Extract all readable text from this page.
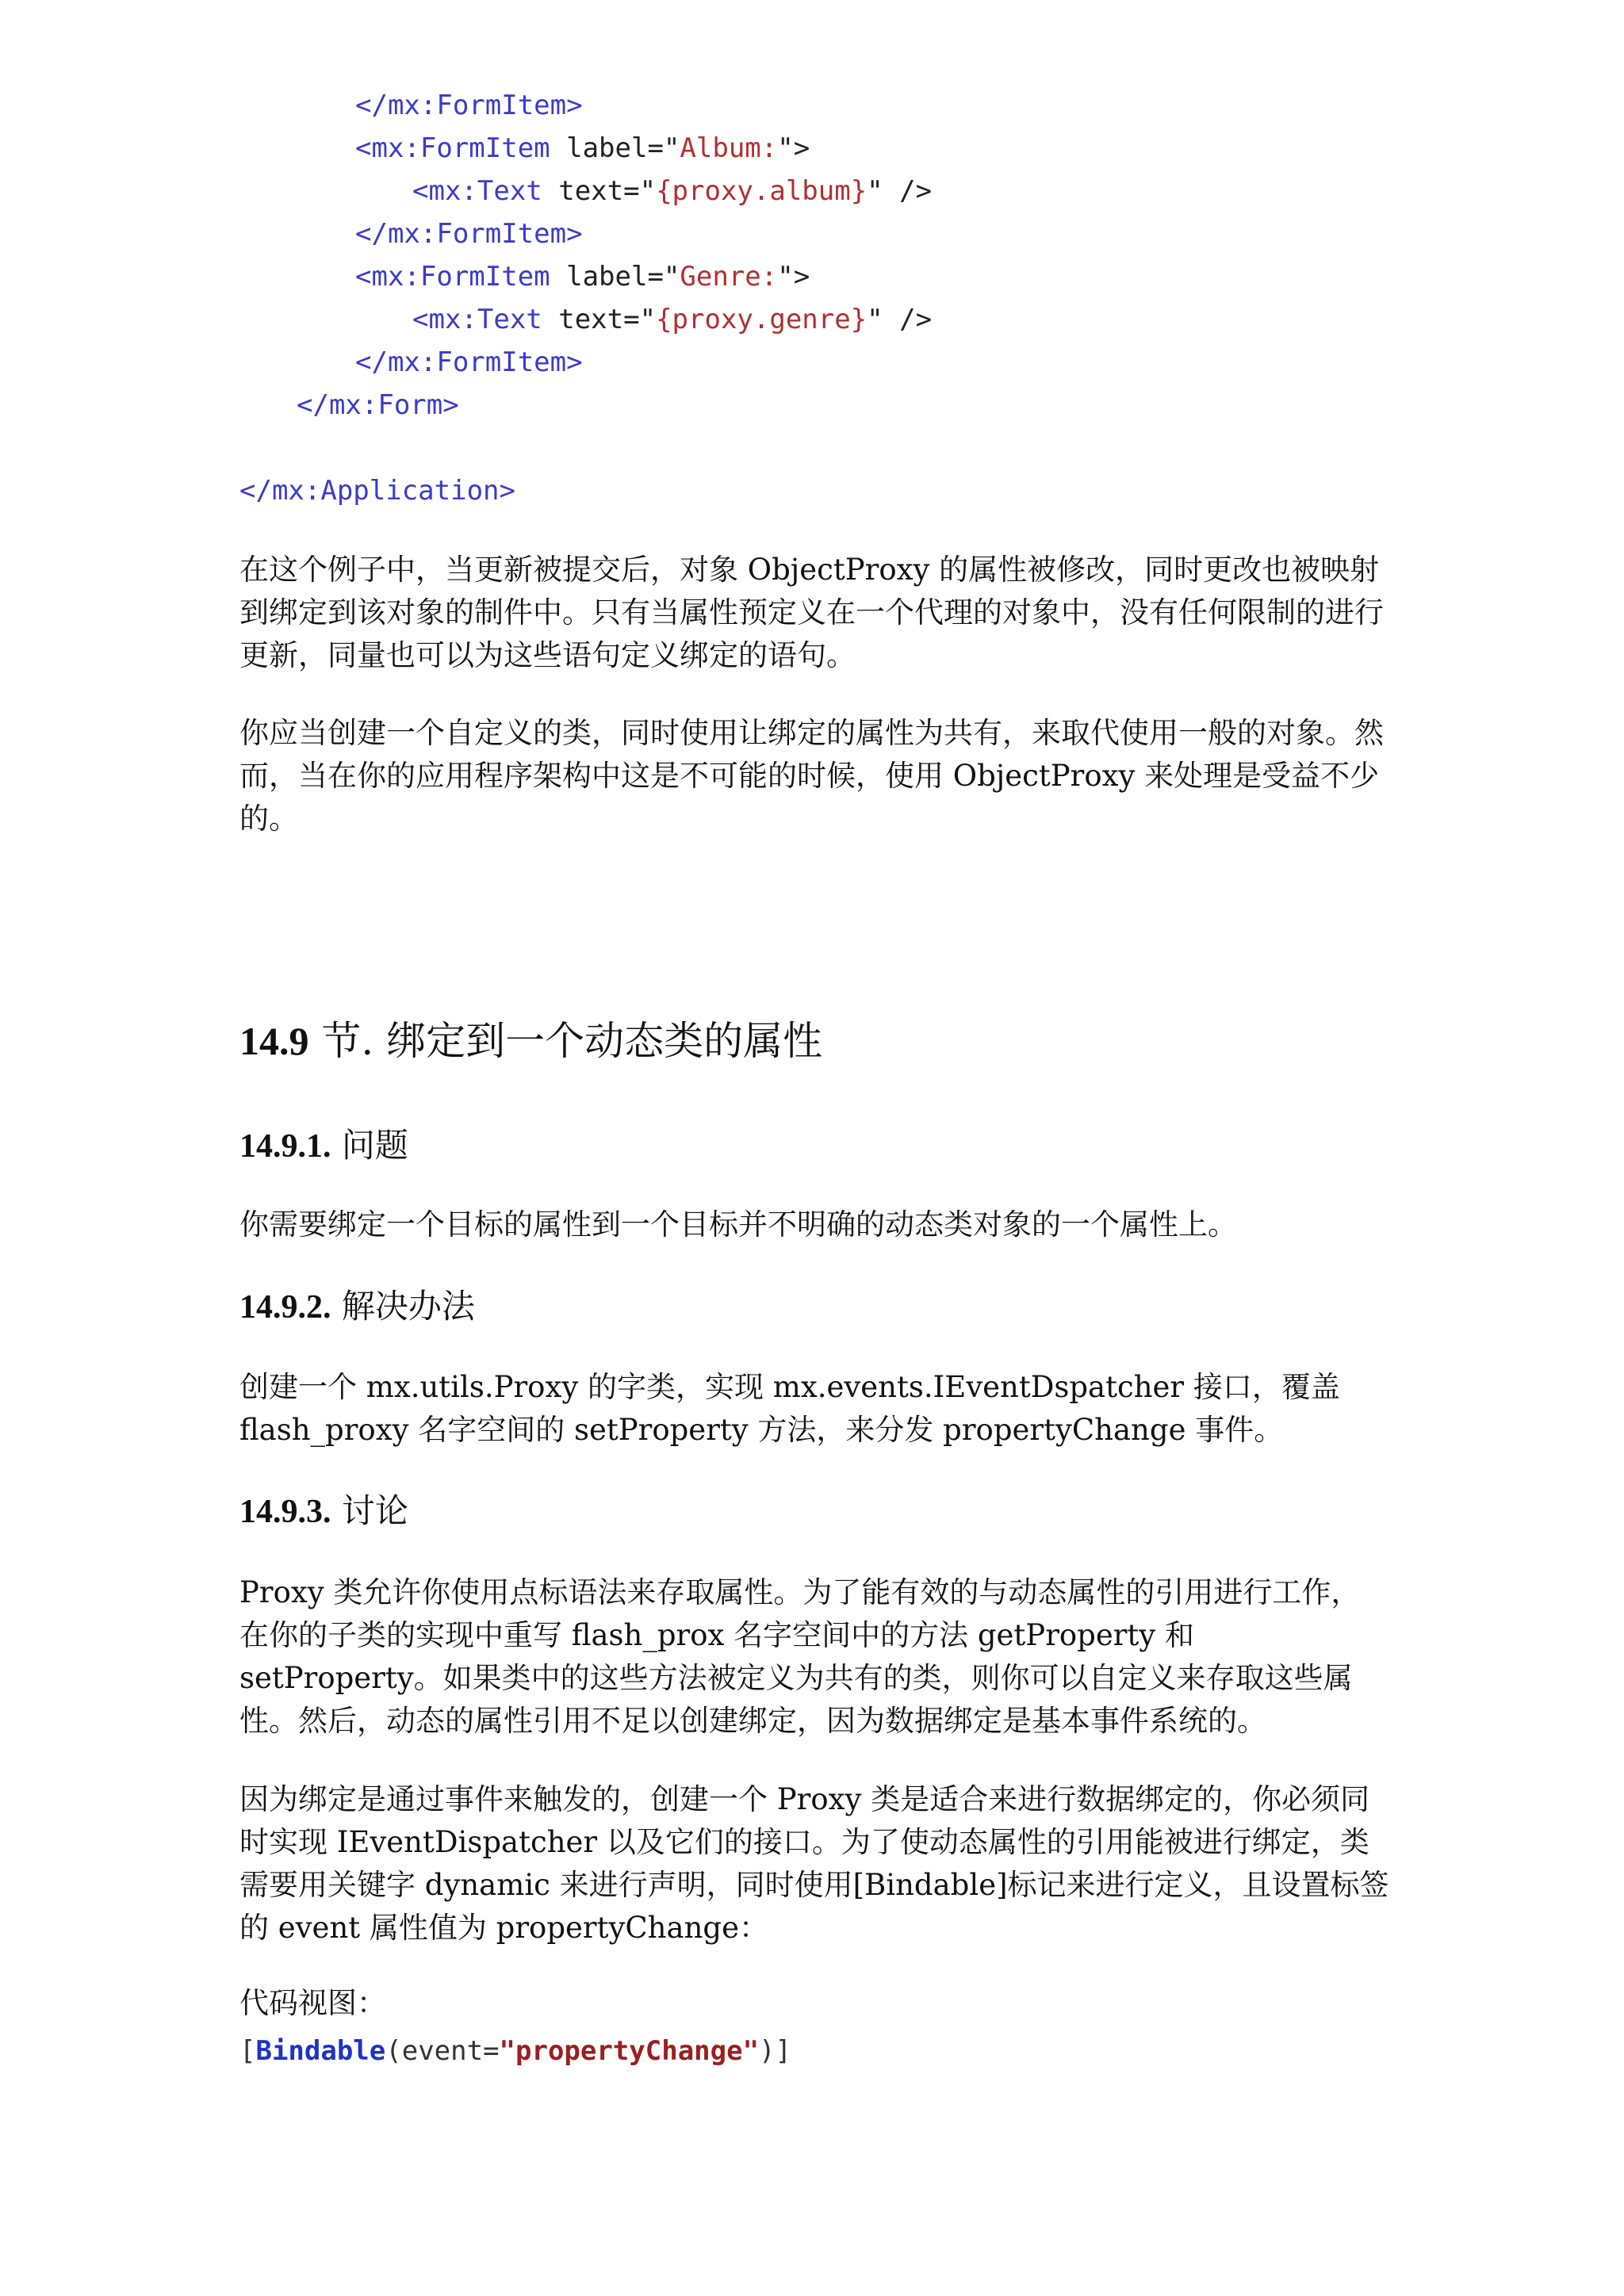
</mx:FormItem>
<mx:FormItem label="Album:">
<mx:Text text="{proxy.album}" />
</mx:FormItem>
<mx:FormItem label="Genre:">
<mx:Text text="{proxy.genre}" />
</mx:FormItem>
</mx:Form>
</mx:Application>

在这个例子中，当更新被提交后，对象 ObjectProxy 的属性被修改，同时更改也被映射到绑定到该对象的制件中。只有当属性预定义在一个代理的对象中，没有任何限制的进行更新，同量也可以为这些语句定义绑定的语句。

你应当创建一个自定义的类，同时使用让绑定的属性为共有，来取代使用一般的对象。然而，当在你的应用程序架构中这是不可能的时候，使用 ObjectProxy 来处理是受益不少的。

14.9 节. 绑定到一个动态类的属性
14.9.1. 问题

你需要绑定一个目标的属性到一个目标并不明确的动态类对象的一个属性上。

14.9.2. 解决办法

创建一个 mx.utils.Proxy 的字类，实现 mx.events.IEventDspatcher 接口，覆盖 flash_proxy 名字空间的 setProperty 方法，来分发 propertyChange 事件。

14.9.3. 讨论

Proxy 类允许你使用点标语法来存取属性。为了能有效的与动态属性的引用进行工作，在你的子类的实现中重写 flash_prox 名字空间中的方法 getProperty 和 setProperty。如果类中的这些方法被定义为共有的类，则你可以自定义来存取这些属性。然后，动态的属性引用不足以创建绑定，因为数据绑定是基本事件系统的。

因为绑定是通过事件来触发的，创建一个 Proxy 类是适合来进行数据绑定的，你必须同时实现 IEventDispatcher 以及它们的接口。为了使动态属性的引用能被进行绑定，类需要用关键字 dynamic 来进行声明，同时使用[Bindable]标记来进行定义，且设置标签的 event 属性值为 propertyChange：

代码视图：
[Bindable(event="propertyChange")]
